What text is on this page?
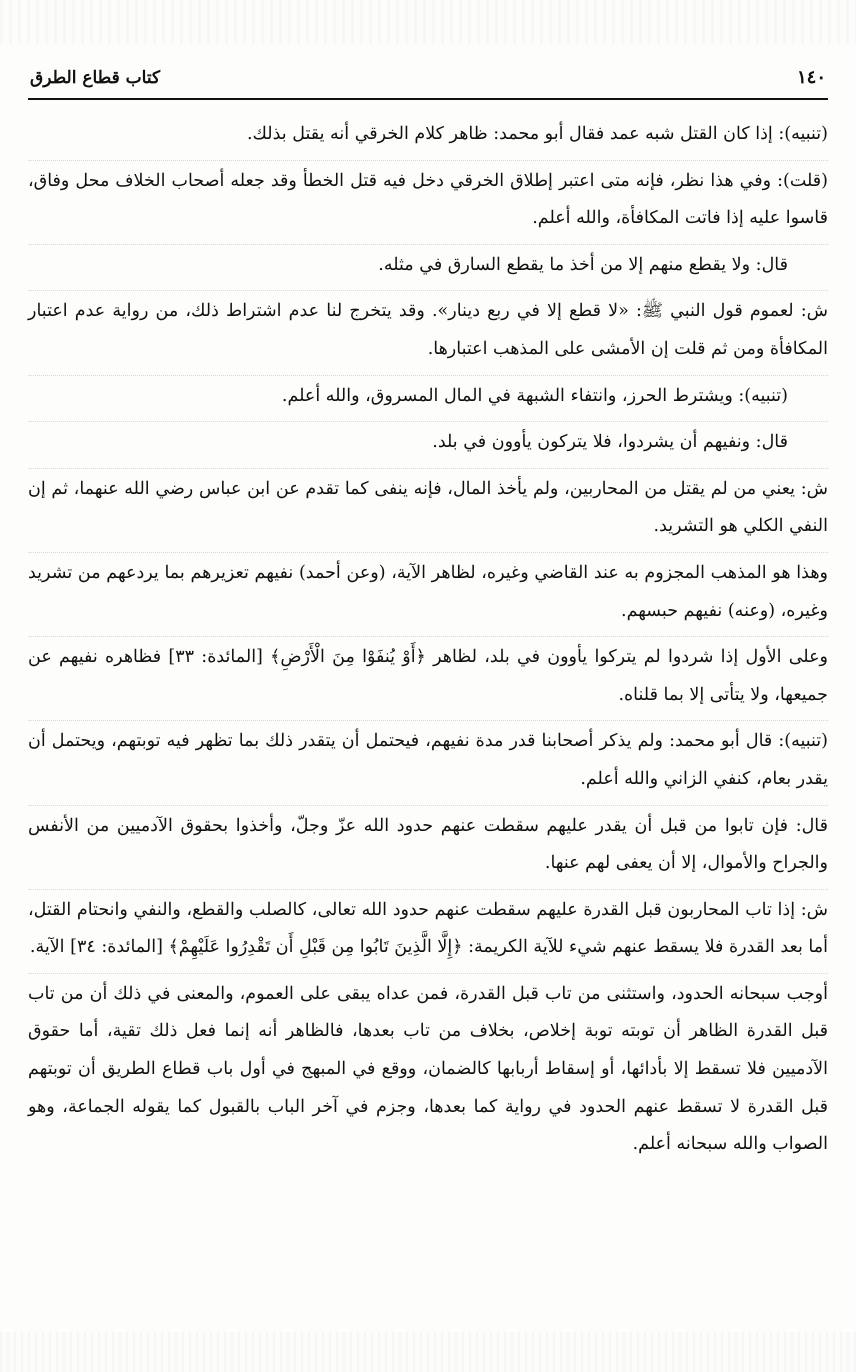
١٤٠
كتاب قطاع الطرق

(تنبيه): إذا كان القتل شبه عمد فقال أبو محمد: ظاهر كلام الخرقي أنه يقتل بذلك.

(قلت): وفي هذا نظر، فإنه متى اعتبر إطلاق الخرقي دخل فيه قتل الخطأ وقد جعله أصحاب الخلاف محل وفاق، قاسوا عليه إذا فاتت المكافأة، والله أعلم.

قال: ولا يقطع منهم إلا من أخذ ما يقطع السارق في مثله.

ش: لعموم قول النبي ﷺ: «لا قطع إلا في ربع دينار». وقد يتخرج لنا عدم اشتراط ذلك، من رواية عدم اعتبار المكافأة ومن ثم قلت إن الأمشى على المذهب اعتبارها.

(تنبيه): ويشترط الحرز، وانتفاء الشبهة في المال المسروق، والله أعلم.

قال: ونفيهم أن يشردوا، فلا يتركون يأوون في بلد.

ش: يعني من لم يقتل من المحاربين، ولم يأخذ المال، فإنه ينفى كما تقدم عن ابن عباس رضي الله عنهما، ثم إن النفي الكلي هو التشريد.

وهذا هو المذهب المجزوم به عند القاضي وغيره، لظاهر الآية، (وعن أحمد) نفيهم تعزيرهم بما يردعهم من تشريد وغيره، (وعنه) نفيهم حبسهم.

وعلى الأول إذا شردوا لم يتركوا يأوون في بلد، لظاهر ﴿أَوْ يُنفَوْا مِنَ الْأَرْضِ﴾ [المائدة: ٣٣] فظاهره نفيهم عن جميعها، ولا يتأتى إلا بما قلناه.

(تنبيه): قال أبو محمد: ولم يذكر أصحابنا قدر مدة نفيهم، فيحتمل أن يتقدر ذلك بما تظهر فيه توبتهم، ويحتمل أن يقدر بعام، كنفي الزاني والله أعلم.

قال: فإن تابوا من قبل أن يقدر عليهم سقطت عنهم حدود الله عزّ وجلّ، وأخذوا بحقوق الآدميين من الأنفس والجراح والأموال، إلا أن يعفى لهم عنها.

ش: إذا تاب المحاربون قبل القدرة عليهم سقطت عنهم حدود الله تعالى، كالصلب والقطع، والنفي وانحتام القتل، أما بعد القدرة فلا يسقط عنهم شيء للآية الكريمة: ﴿إِلَّا الَّذِينَ تَابُوا مِن قَبْلِ أَن تَقْدِرُوا عَلَيْهِمْ﴾ [المائدة: ٣٤] الآية.

أوجب سبحانه الحدود، واستثنى من تاب قبل القدرة، فمن عداه يبقى على العموم، والمعنى في ذلك أن من تاب قبل القدرة الظاهر أن توبته توبة إخلاص، بخلاف من تاب بعدها، فالظاهر أنه إنما فعل ذلك تقية، أما حقوق الآدميين فلا تسقط إلا بأدائها، أو إسقاط أربابها كالضمان، ووقع في المبهج في أول باب قطاع الطريق أن توبتهم قبل القدرة لا تسقط عنهم الحدود في رواية كما بعدها، وجزم في آخر الباب بالقبول كما يقوله الجماعة، وهو الصواب والله سبحانه أعلم.
